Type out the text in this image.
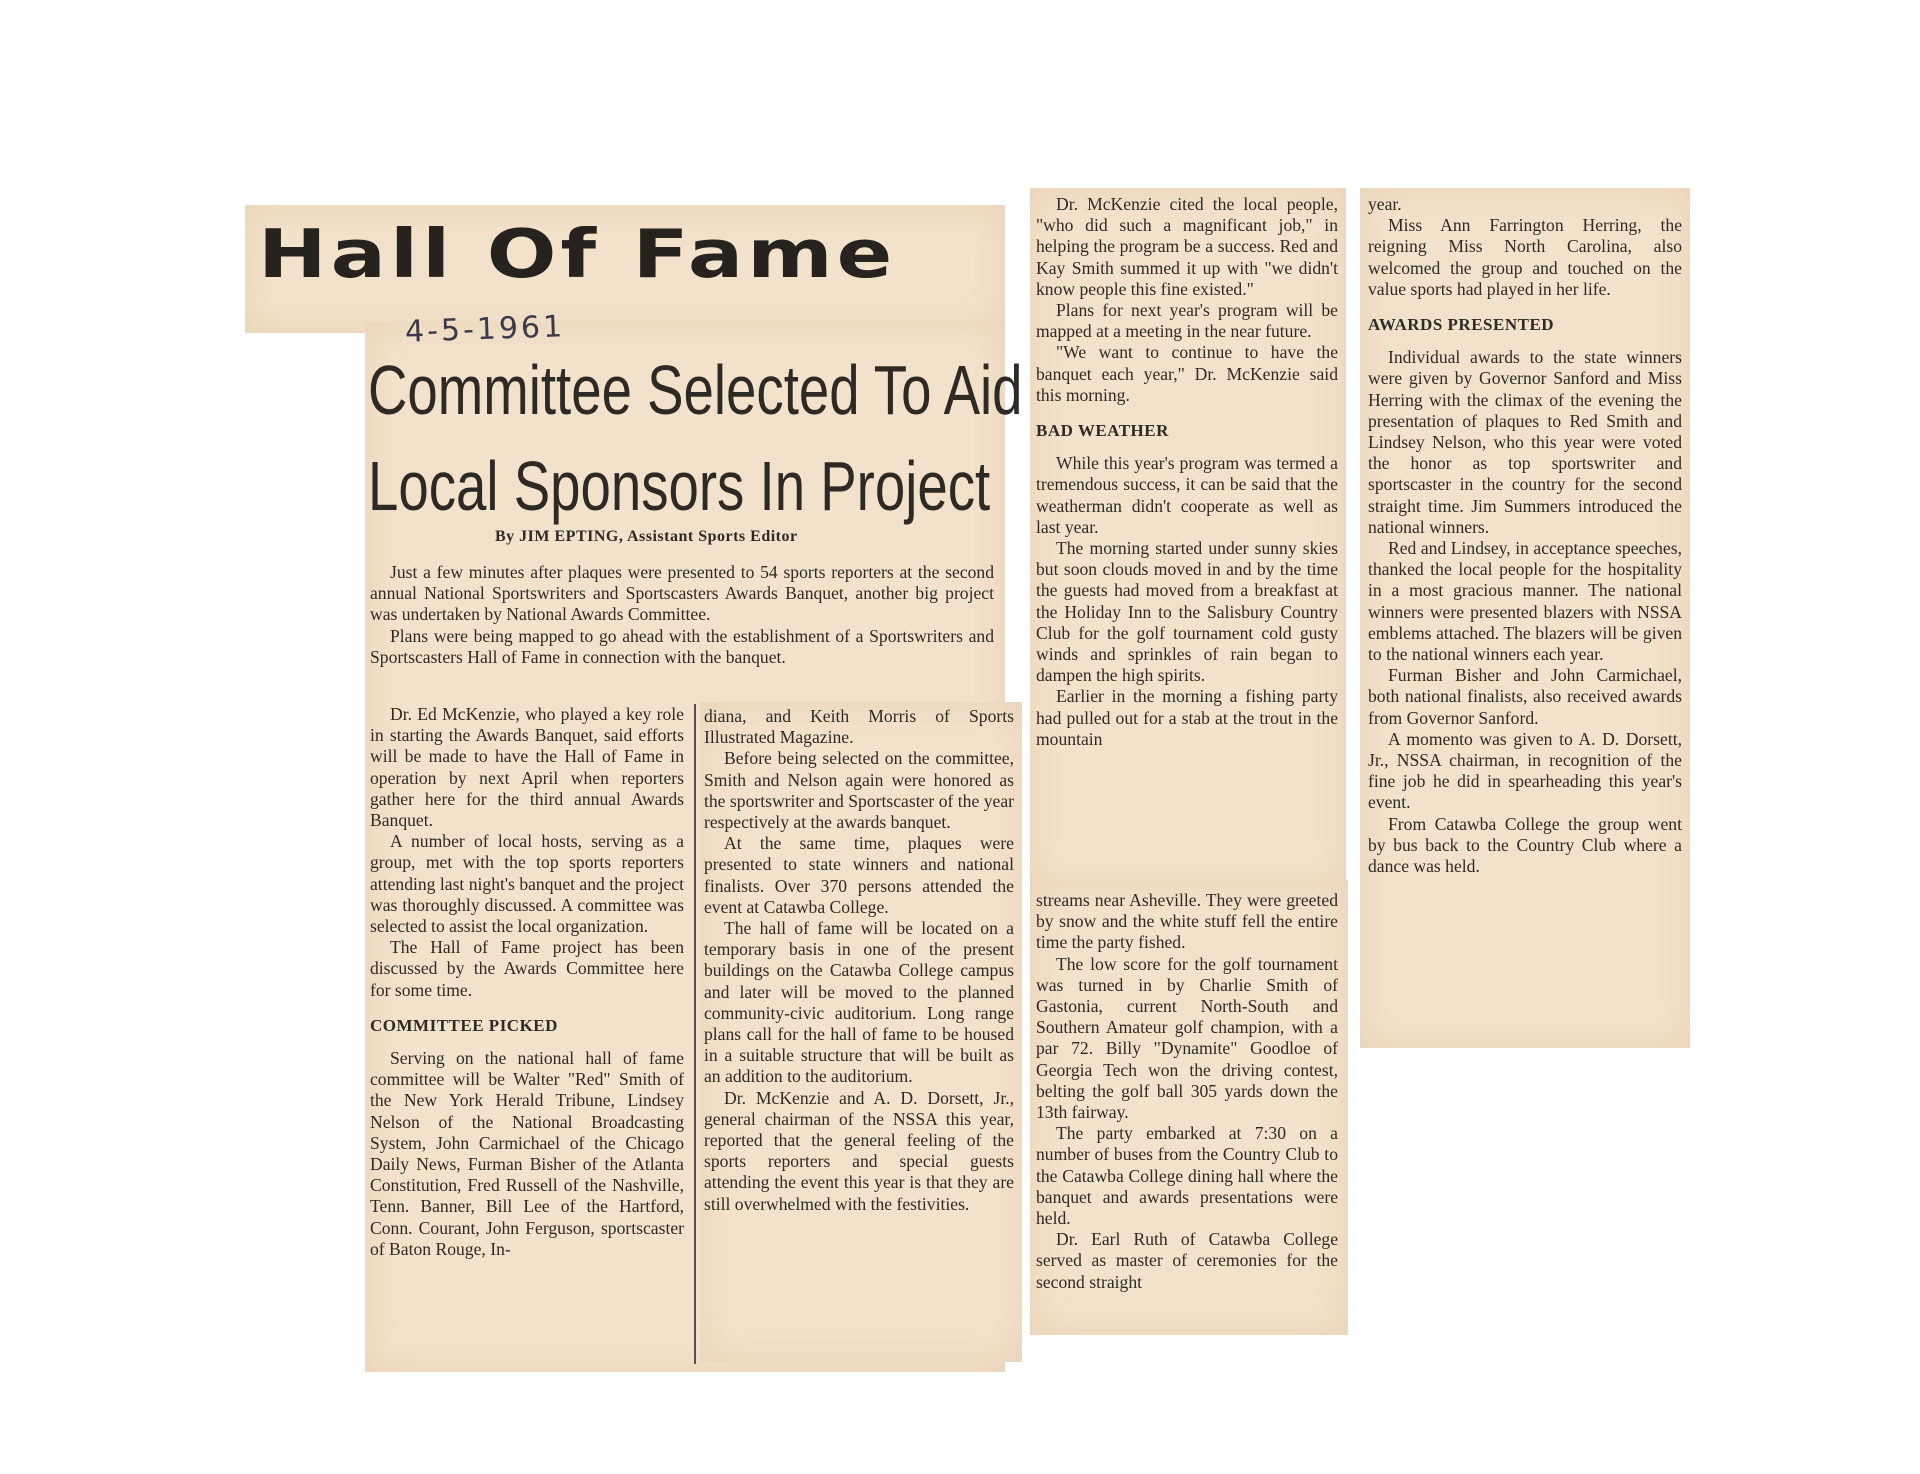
Hall Of Fame
4-5-1961
Committee Selected To Aid
Local Sponsors In Project
By JIM EPTING, Assistant Sports Editor

Just a few minutes after plaques were presented to 54 sports reporters at the second annual National Sportswriters and Sportscasters Awards Banquet, another big project was undertaken by National Awards Committee.

Plans were being mapped to go ahead with the establishment of a Sportswriters and Sportscasters Hall of Fame in connection with the banquet.

Dr. Ed McKenzie, who played a key role in starting the Awards Banquet, said efforts will be made to have the Hall of Fame in operation by next April when reporters gather here for the third annual Awards Banquet.

A number of local hosts, serving as a group, met with the top sports reporters attending last night's banquet and the project was thoroughly discussed. A committee was selected to assist the local organization.

The Hall of Fame project has been discussed by the Awards Committee here for some time.

COMMITTEE PICKED

Serving on the national hall of fame committee will be Walter "Red" Smith of the New York Herald Tribune, Lindsey Nelson of the National Broadcasting System, John Carmichael of the Chicago Daily News, Furman Bisher of the Atlanta Constitution, Fred Russell of the Nashville, Tenn. Banner, Bill Lee of the Hartford, Conn. Courant, John Ferguson, sportscaster of Baton Rouge, In-

diana, and Keith Morris of Sports Illustrated Magazine.

Before being selected on the committee, Smith and Nelson again were honored as the sportswriter and Sportscaster of the year respectively at the awards banquet.

At the same time, plaques were presented to state winners and national finalists. Over 370 persons attended the event at Catawba College.

The hall of fame will be located on a temporary basis in one of the present buildings on the Catawba College campus and later will be moved to the planned community-civic auditorium. Long range plans call for the hall of fame to be housed in a suitable structure that will be built as an addition to the auditorium.

Dr. McKenzie and A. D. Dorsett, Jr., general chairman of the NSSA this year, reported that the general feeling of the sports reporters and special guests attending the event this year is that they are still overwhelmed with the festivities.

Dr. McKenzie cited the local people, "who did such a magnificant job," in helping the program be a success. Red and Kay Smith summed it up with "we didn't know people this fine existed."

Plans for next year's program will be mapped at a meeting in the near future.

"We want to continue to have the banquet each year," Dr. McKenzie said this morning.

BAD WEATHER

While this year's program was termed a tremendous success, it can be said that the weatherman didn't cooperate as well as last year.

The morning started under sunny skies but soon clouds moved in and by the time the guests had moved from a breakfast at the Holiday Inn to the Salisbury Country Club for the golf tournament cold gusty winds and sprinkles of rain began to dampen the high spirits.

Earlier in the morning a fishing party had pulled out for a stab at the trout in the mountain

streams near Asheville. They were greeted by snow and the white stuff fell the entire time the party fished.

The low score for the golf tournament was turned in by Charlie Smith of Gastonia, current North-South and Southern Amateur golf champion, with a par 72. Billy "Dynamite" Goodloe of Georgia Tech won the driving contest, belting the golf ball 305 yards down the 13th fairway.

The party embarked at 7:30 on a number of buses from the Country Club to the Catawba College dining hall where the banquet and awards presentations were held.

Dr. Earl Ruth of Catawba College served as master of ceremonies for the second straight

year.

Miss Ann Farrington Herring, the reigning Miss North Carolina, also welcomed the group and touched on the value sports had played in her life.

AWARDS PRESENTED

Individual awards to the state winners were given by Governor Sanford and Miss Herring with the climax of the evening the presentation of plaques to Red Smith and Lindsey Nelson, who this year were voted the honor as top sportswriter and sportscaster in the country for the second straight time. Jim Summers introduced the national winners.

Red and Lindsey, in acceptance speeches, thanked the local people for the hospitality in a most gracious manner. The national winners were presented blazers with NSSA emblems attached. The blazers will be given to the national winners each year.

Furman Bisher and John Carmichael, both national finalists, also received awards from Governor Sanford.

A momento was given to A. D. Dorsett, Jr., NSSA chairman, in recognition of the fine job he did in spearheading this year's event.

From Catawba College the group went by bus back to the Country Club where a dance was held.
